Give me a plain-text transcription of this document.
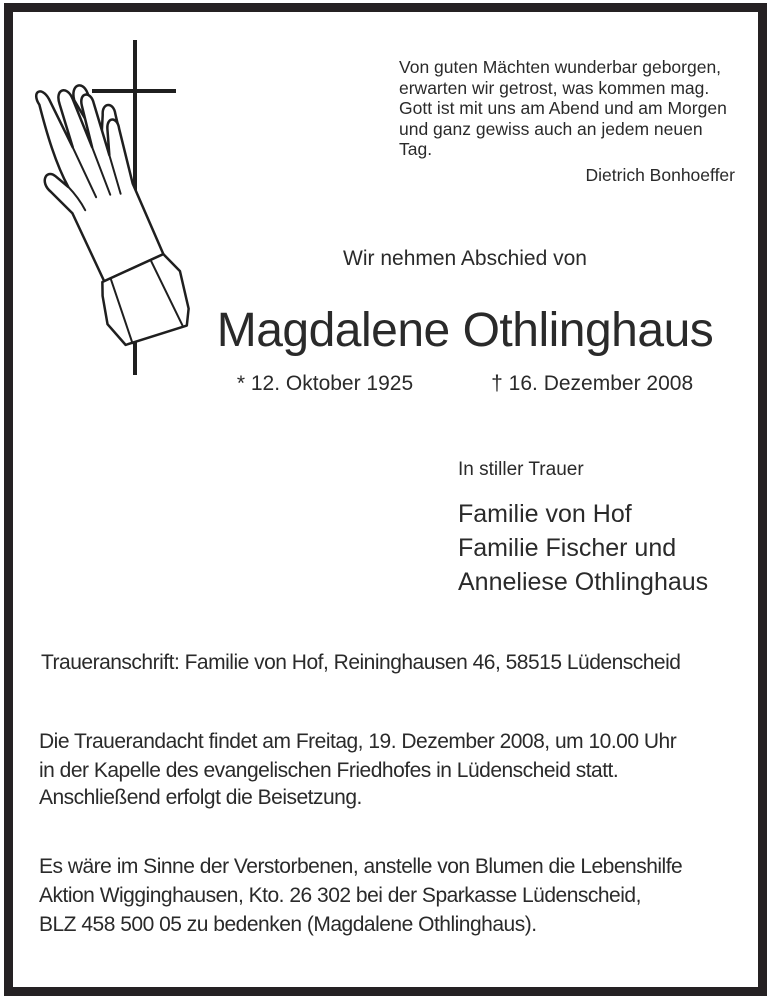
Von guten Mächten wunderbar geborgen,
erwarten wir getrost, was kommen mag.
Gott ist mit uns am Abend und am Morgen
und ganz gewiss auch an jedem neuen Tag.
Dietrich Bonhoeffer
Wir nehmen Abschied von
Magdalene Othlinghaus
* 12. Oktober 1925	† 16. Dezember 2008
In stiller Trauer
Familie von Hof
Familie Fischer und
Anneliese Othlinghaus
Traueranschrift: Familie von Hof, Reininghausen 46, 58515 Lüdenscheid
Die Trauerandacht findet am Freitag, 19. Dezember 2008, um 10.00 Uhr
in der Kapelle des evangelischen Friedhofes in Lüdenscheid statt.
Anschließend erfolgt die Beisetzung.
Es wäre im Sinne der Verstorbenen, anstelle von Blumen die Lebenshilfe
Aktion Wigginghausen, Kto. 26 302 bei der Sparkasse Lüdenscheid,
BLZ 458 500 05 zu bedenken (Magdalene Othlinghaus).
